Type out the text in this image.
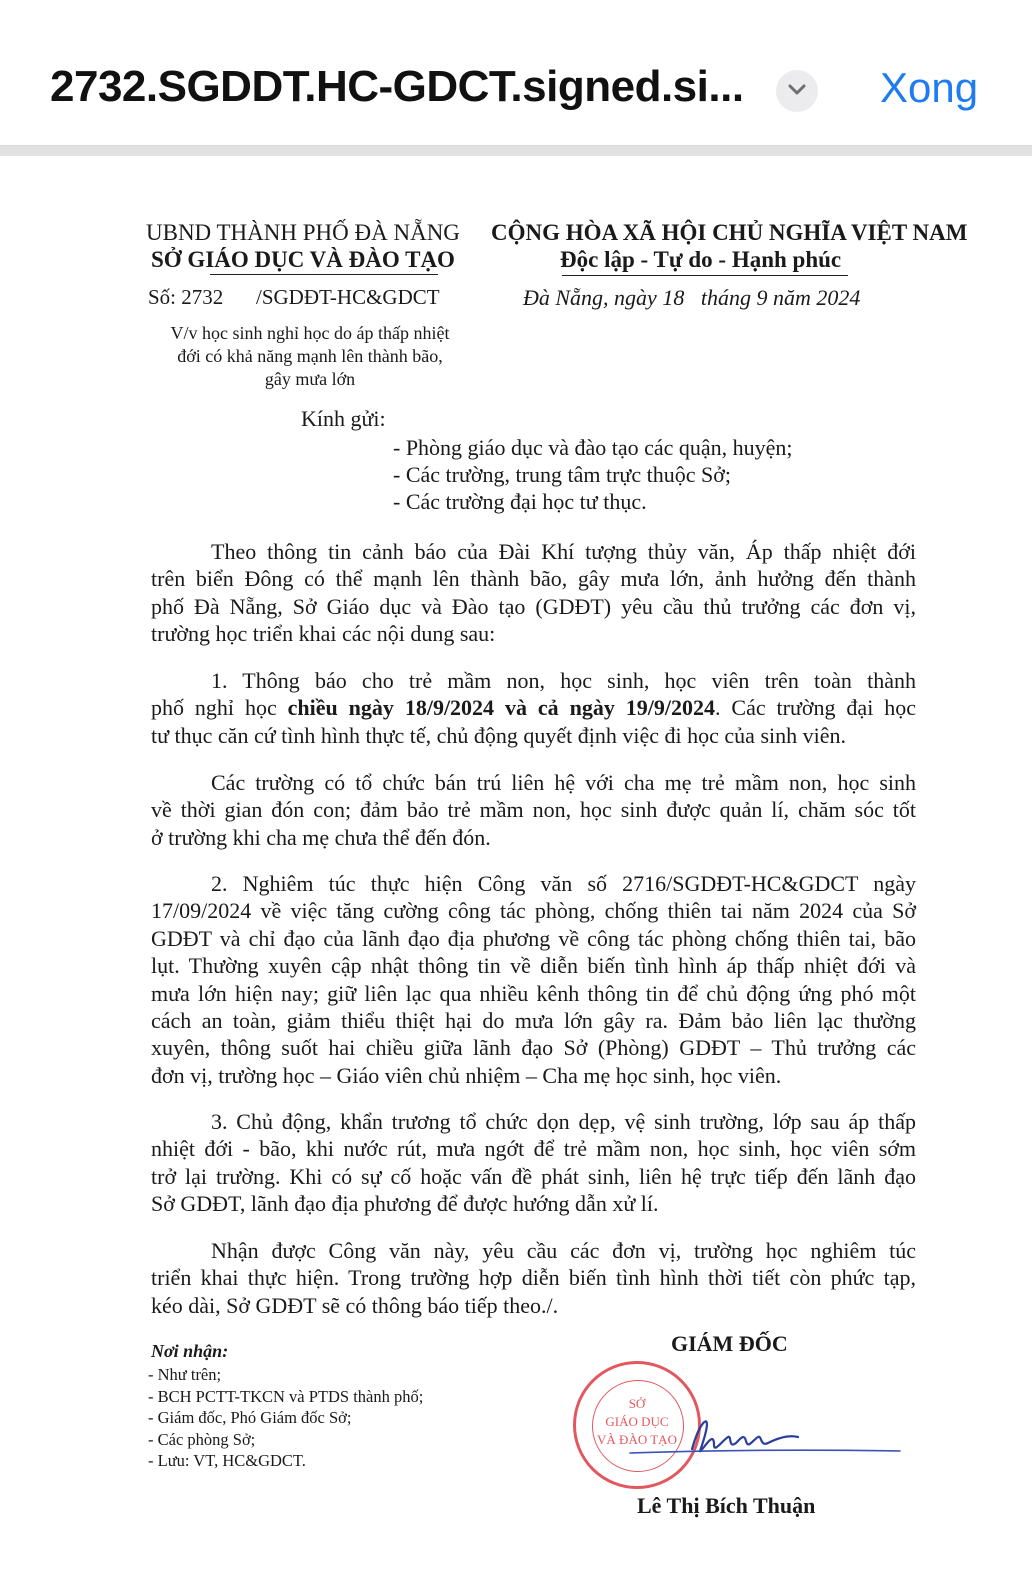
2732.SGDDT.HC-GDCT.signed.si...	Xong
UBND THÀNH PHỐ ĐÀ NẴNG
SỞ GIÁO DỤC VÀ ĐÀO TẠO
CỘNG HÒA XÃ HỘI CHỦ NGHĨA VIỆT NAM
Độc lập - Tự do - Hạnh phúc
Số: 2732 /SGDĐT-HC&GDCT	Đà Nẵng, ngày 18   tháng 9 năm 2024
V/v học sinh nghỉ học do áp thấp nhiệt
đới có khả năng mạnh lên thành bão,
gây mưa lớn
Kính gửi:
- Phòng giáo dục và đào tạo các quận, huyện;
- Các trường, trung tâm trực thuộc Sở;
- Các trường đại học tư thục.
Theo thông tin cảnh báo của Đài Khí tượng thủy văn, Áp thấp nhiệt đới
trên biển Đông có thể mạnh lên thành bão, gây mưa lớn, ảnh hưởng đến thành
phố Đà Nẵng, Sở Giáo dục và Đào tạo (GDĐT) yêu cầu thủ trưởng các đơn vị,
trường học triển khai các nội dung sau:
1. Thông báo cho trẻ mầm non, học sinh, học viên trên toàn thành
phố nghỉ học chiều ngày 18/9/2024 và cả ngày 19/9/2024. Các trường đại học
tư thục căn cứ tình hình thực tế, chủ động quyết định việc đi học của sinh viên.
Các trường có tổ chức bán trú liên hệ với cha mẹ trẻ mầm non, học sinh
về thời gian đón con; đảm bảo trẻ mầm non, học sinh được quản lí, chăm sóc tốt
ở trường khi cha mẹ chưa thể đến đón.
2. Nghiêm túc thực hiện Công văn số 2716/SGDĐT-HC&GDCT ngày
17/09/2024 về việc tăng cường công tác phòng, chống thiên tai năm 2024 của Sở
GDĐT và chỉ đạo của lãnh đạo địa phương về công tác phòng chống thiên tai, bão
lụt. Thường xuyên cập nhật thông tin về diễn biến tình hình áp thấp nhiệt đới và
mưa lớn hiện nay; giữ liên lạc qua nhiều kênh thông tin để chủ động ứng phó một
cách an toàn, giảm thiểu thiệt hại do mưa lớn gây ra. Đảm bảo liên lạc thường
xuyên, thông suốt hai chiều giữa lãnh đạo Sở (Phòng) GDĐT – Thủ trưởng các
đơn vị, trường học – Giáo viên chủ nhiệm – Cha mẹ học sinh, học viên.
3. Chủ động, khẩn trương tổ chức dọn dẹp, vệ sinh trường, lớp sau áp thấp
nhiệt đới - bão, khi nước rút, mưa ngớt để trẻ mầm non, học sinh, học viên sớm
trở lại trường. Khi có sự cố hoặc vấn đề phát sinh, liên hệ trực tiếp đến lãnh đạo
Sở GDĐT, lãnh đạo địa phương để được hướng dẫn xử lí.
Nhận được Công văn này, yêu cầu các đơn vị, trường học nghiêm túc
triển khai thực hiện. Trong trường hợp diễn biến tình hình thời tiết còn phức tạp,
kéo dài, Sở GDĐT sẽ có thông báo tiếp theo./.
Nơi nhận:
- Như trên;
- BCH PCTT-TKCN và PTDS thành phố;
- Giám đốc, Phó Giám đốc Sở;
- Các phòng Sở;
- Lưu: VT, HC&GDCT.
GIÁM ĐỐC
SỞ
GIÁO DỤC
VÀ ĐÀO TẠO
Lê Thị Bích Thuận
